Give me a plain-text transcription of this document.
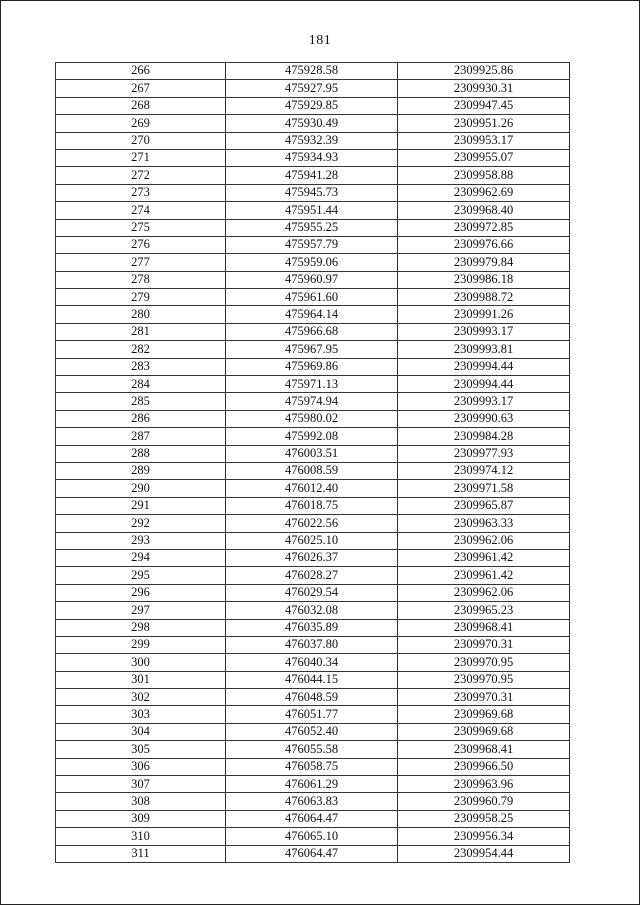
181
266	475928.58	2309925.86
267	475927.95	2309930.31
268	475929.85	2309947.45
269	475930.49	2309951.26
270	475932.39	2309953.17
271	475934.93	2309955.07
272	475941.28	2309958.88
273	475945.73	2309962.69
274	475951.44	2309968.40
275	475955.25	2309972.85
276	475957.79	2309976.66
277	475959.06	2309979.84
278	475960.97	2309986.18
279	475961.60	2309988.72
280	475964.14	2309991.26
281	475966.68	2309993.17
282	475967.95	2309993.81
283	475969.86	2309994.44
284	475971.13	2309994.44
285	475974.94	2309993.17
286	475980.02	2309990.63
287	475992.08	2309984.28
288	476003.51	2309977.93
289	476008.59	2309974.12
290	476012.40	2309971.58
291	476018.75	2309965.87
292	476022.56	2309963.33
293	476025.10	2309962.06
294	476026.37	2309961.42
295	476028.27	2309961.42
296	476029.54	2309962.06
297	476032.08	2309965.23
298	476035.89	2309968.41
299	476037.80	2309970.31
300	476040.34	2309970.95
301	476044.15	2309970.95
302	476048.59	2309970.31
303	476051.77	2309969.68
304	476052.40	2309969.68
305	476055.58	2309968.41
306	476058.75	2309966.50
307	476061.29	2309963.96
308	476063.83	2309960.79
309	476064.47	2309958.25
310	476065.10	2309956.34
311	476064.47	2309954.44
